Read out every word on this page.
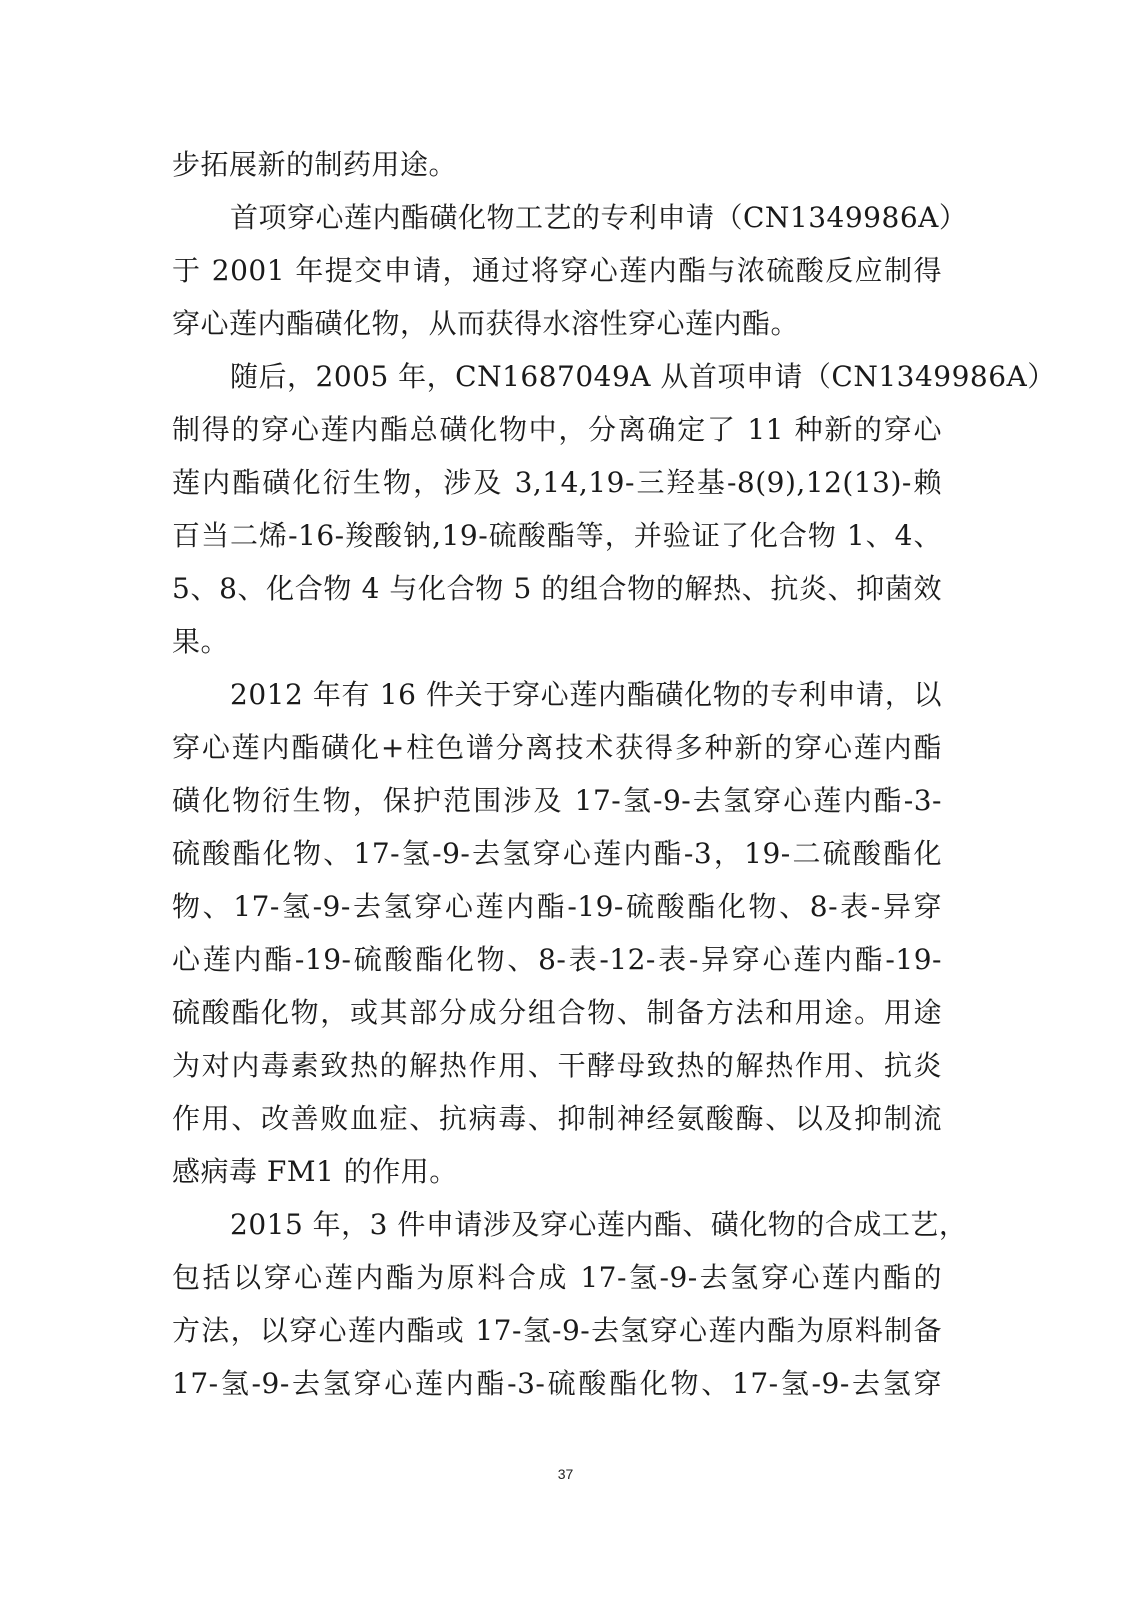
步拓展新的制药用途。
首项穿心莲内酯磺化物工艺的专利申请（CN1349986A）
于 2001 年提交申请，通过将穿心莲内酯与浓硫酸反应制得
穿心莲内酯磺化物，从而获得水溶性穿心莲内酯。
随后，2005 年，CN1687049A 从首项申请（CN1349986A）
制得的穿心莲内酯总磺化物中，分离确定了 11 种新的穿心
莲内酯磺化衍生物，涉及 3,14,19-三羟基-8(9),12(13)-赖
百当二烯-16-羧酸钠,19-硫酸酯等，并验证了化合物 1、4、
5、8、化合物 4 与化合物 5 的组合物的解热、抗炎、抑菌效
果。
2012 年有 16 件关于穿心莲内酯磺化物的专利申请，以
穿心莲内酯磺化+柱色谱分离技术获得多种新的穿心莲内酯
磺化物衍生物，保护范围涉及 17-氢-9-去氢穿心莲内酯-3-
硫酸酯化物、17-氢-9-去氢穿心莲内酯-3，19-二硫酸酯化
物、17-氢-9-去氢穿心莲内酯-19-硫酸酯化物、8-表-异穿
心莲内酯-19-硫酸酯化物、8-表-12-表-异穿心莲内酯-19-
硫酸酯化物，或其部分成分组合物、制备方法和用途。用途
为对内毒素致热的解热作用、干酵母致热的解热作用、抗炎
作用、改善败血症、抗病毒、抑制神经氨酸酶、以及抑制流
感病毒 FM1 的作用。
2015 年，3 件申请涉及穿心莲内酯、磺化物的合成工艺，
包括以穿心莲内酯为原料合成 17-氢-9-去氢穿心莲内酯的
方法，以穿心莲内酯或 17-氢-9-去氢穿心莲内酯为原料制备
17-氢-9-去氢穿心莲内酯-3-硫酸酯化物、17-氢-9-去氢穿
37
